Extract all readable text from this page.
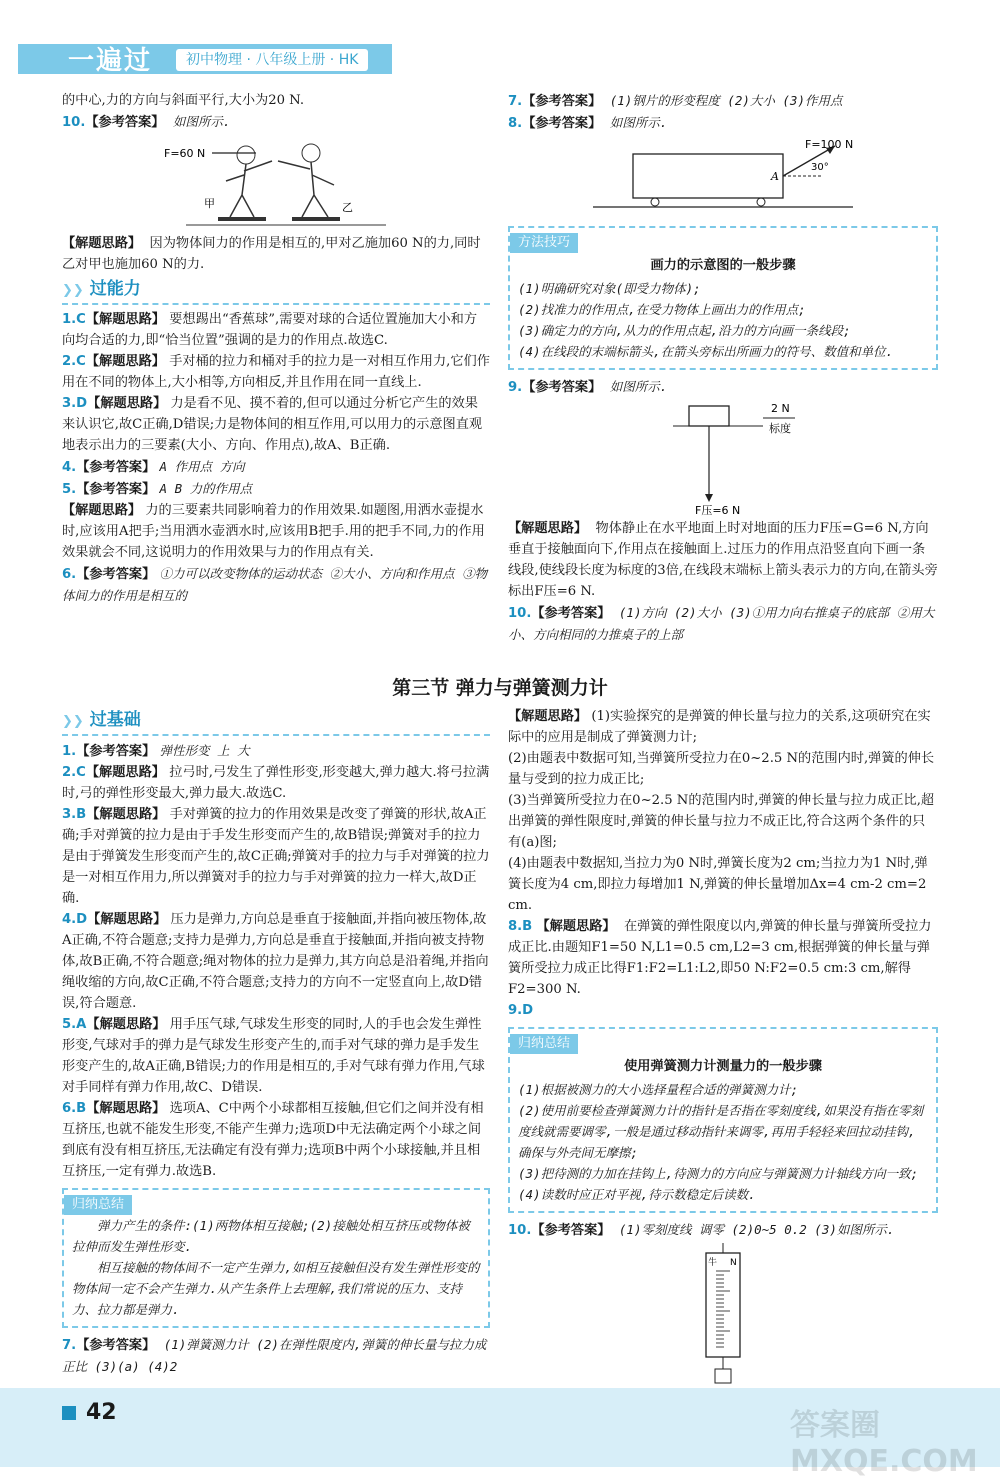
一遍过	初中物理 · 八年级上册 · HK

的中心,力的方向与斜面平行,大小为20 N.

10.【参考答案】 如图所示.

F=60 N
甲	乙

【解题思路】 因为物体间力的作用是相互的,甲对乙施加60 N的力,同时乙对甲也施加60 N的力.

❯❯ 过能力

1.C【解题思路】 要想踢出“香蕉球”,需要对球的合适位置施加大小和方向均合适的力,即“恰当位置”强调的是力的作用点.故选C.

2.C【解题思路】 手对桶的拉力和桶对手的拉力是一对相互作用力,它们作用在不同的物体上,大小相等,方向相反,并且作用在同一直线上.

3.D【解题思路】 力是看不见、摸不着的,但可以通过分析它产生的效果来认识它,故C正确,D错误;力是物体间的相互作用,可以用力的示意图直观地表示出力的三要素(大小、方向、作用点),故A、B正确.

4.【参考答案】 A 作用点 方向

5.【参考答案】 A B 力的作用点

【解题思路】 力的三要素共同影响着力的作用效果.如题图,用洒水壶提水时,应该用A把手;当用洒水壶洒水时,应该用B把手.用的把手不同,力的作用效果就会不同,这说明力的作用效果与力的作用点有关.

6.【参考答案】 ①力可以改变物体的运动状态 ②大小、方向和作用点 ③物体间力的作用是相互的

7.【参考答案】 (1)钢片的形变程度 (2)大小 (3)作用点

8.【参考答案】 如图所示.

A
30°
F=100 N
方法技巧
画力的示意图的一般步骤

(1)明确研究对象(即受力物体);

(2)找准力的作用点,在受力物体上画出力的作用点;

(3)确定力的方向,从力的作用点起,沿力的方向画一条线段;

(4)在线段的末端标箭头,在箭头旁标出所画力的符号、数值和单位.

9.【参考答案】 如图所示.

2 N
标度
F压=6 N

【解题思路】 物体静止在水平地面上时对地面的压力F压=G=6 N,方向垂直于接触面向下,作用点在接触面上.过压力的作用点沿竖直向下画一条线段,使线段长度为标度的3倍,在线段末端标上箭头表示力的方向,在箭头旁标出F压=6 N.

10.【参考答案】 (1)方向 (2)大小 (3)①用力向右推桌子的底部 ②用大小、方向相同的力推桌子的上部

第三节 弹力与弹簧测力计
❯❯ 过基础

1.【参考答案】 弹性形变 上 大

2.C【解题思路】 拉弓时,弓发生了弹性形变,形变越大,弹力越大.将弓拉满时,弓的弹性形变最大,弹力最大.故选C.

3.B【解题思路】 手对弹簧的拉力的作用效果是改变了弹簧的形状,故A正确;手对弹簧的拉力是由于手发生形变而产生的,故B错误;弹簧对手的拉力是由于弹簧发生形变而产生的,故C正确;弹簧对手的拉力与手对弹簧的拉力是一对相互作用力,所以弹簧对手的拉力与手对弹簧的拉力一样大,故D正确.

4.D【解题思路】 压力是弹力,方向总是垂直于接触面,并指向被压物体,故A正确,不符合题意;支持力是弹力,方向总是垂直于接触面,并指向被支持物体,故B正确,不符合题意;绳对物体的拉力是弹力,其方向总是沿着绳,并指向绳收缩的方向,故C正确,不符合题意;支持力的方向不一定竖直向上,故D错误,符合题意.

5.A【解题思路】 用手压气球,气球发生形变的同时,人的手也会发生弹性形变,气球对手的弹力是气球发生形变产生的,而手对气球的弹力是手发生形变产生的,故A正确,B错误;力的作用是相互的,手对气球有弹力作用,气球对手同样有弹力作用,故C、D错误.

6.B【解题思路】 选项A、C中两个小球都相互接触,但它们之间并没有相互挤压,也就不能发生形变,不能产生弹力;选项D中无法确定两个小球之间到底有没有相互挤压,无法确定有没有弹力;选项B中两个小球接触,并且相互挤压,一定有弹力.故选B.

归纳总结

弹力产生的条件:(1)两物体相互接触;(2)接触处相互挤压或物体被拉伸而发生弹性形变.

相互接触的物体间不一定产生弹力,如相互接触但没有发生弹性形变的物体间一定不会产生弹力.从产生条件上去理解,我们常说的压力、支持力、拉力都是弹力.

7.【参考答案】 (1)弹簧测力计 (2)在弹性限度内,弹簧的伸长量与拉力成正比 (3)(a) (4)2

【解题思路】 (1)实验探究的是弹簧的伸长量与拉力的关系,这项研究在实际中的应用是制成了弹簧测力计;

(2)由题表中数据可知,当弹簧所受拉力在0~2.5 N的范围内时,弹簧的伸长量与受到的拉力成正比;

(3)当弹簧所受拉力在0~2.5 N的范围内时,弹簧的伸长量与拉力成正比,超出弹簧的弹性限度时,弹簧的伸长量与拉力不成正比,符合这两个条件的只有(a)图;

(4)由题表中数据知,当拉力为0 N时,弹簧长度为2 cm;当拉力为1 N时,弹簧长度为4 cm,即拉力每增加1 N,弹簧的伸长量增加Δx=4 cm-2 cm=2 cm.

8.B 【解题思路】 在弹簧的弹性限度以内,弹簧的伸长量与弹簧所受拉力成正比.由题知F1=50 N,L1=0.5 cm,L2=3 cm,根据弹簧的伸长量与弹簧所受拉力成正比得F1:F2=L1:L2,即50 N:F2=0.5 cm:3 cm,解得F2=300 N.

9.D

归纳总结
使用弹簧测力计测量力的一般步骤

(1)根据被测力的大小选择量程合适的弹簧测力计;

(2)使用前要检查弹簧测力计的指针是否指在零刻度线,如果没有指在零刻度线就需要调零,一般是通过移动指针来调零,再用手轻轻来回拉动挂钩,确保与外壳间无摩擦;

(3)把待测的力加在挂钩上,待测力的方向应与弹簧测力计轴线方向一致;

(4)读数时应正对平视,待示数稳定后读数.

10.【参考答案】 (1)零刻度线 调零 (2)0~5 0.2 (3)如图所示.

牛 N
42	答案圈 MXQE.COM
